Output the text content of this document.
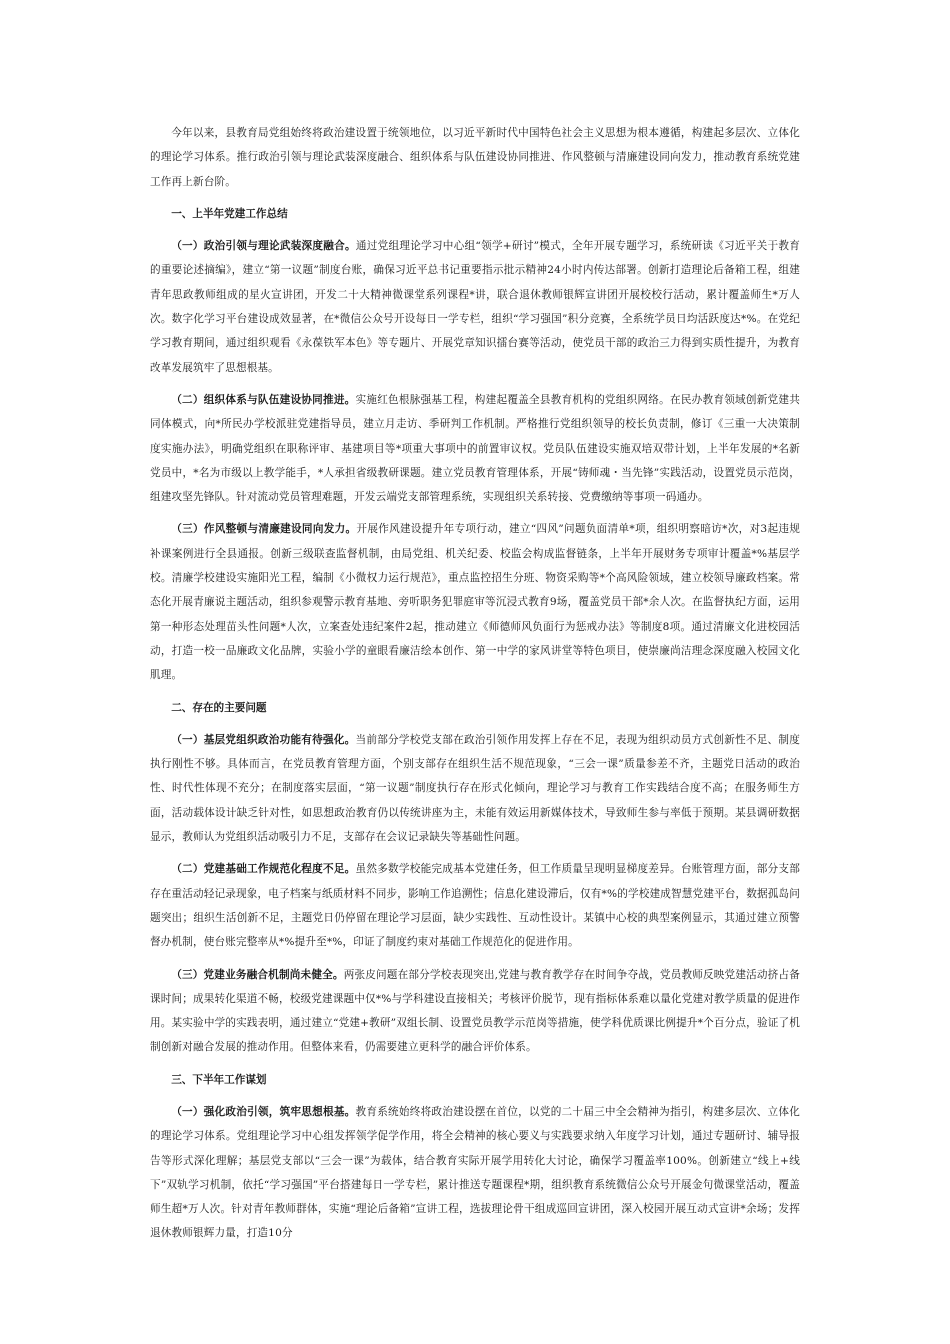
今年以来，县教育局党组始终将政治建设置于统领地位，以习近平新时代中国特色社会主义思想为根本遵循，构建起多层次、立体化的理论学习体系。推行政治引领与理论武装深度融合、组织体系与队伍建设协同推进、作风整顿与清廉建设同向发力，推动教育系统党建工作再上新台阶。

一、上半年党建工作总结

（一）政治引领与理论武装深度融合。通过党组理论学习中心组“领学+研讨”模式，全年开展专题学习，系统研读《习近平关于教育的重要论述摘编》，建立“第一议题”制度台账，确保习近平总书记重要指示批示精神24小时内传达部署。创新打造理论后备箱工程，组建青年思政教师组成的星火宣讲团，开发二十大精神微课堂系列课程*讲，联合退休教师银辉宣讲团开展校校行活动，累计覆盖师生*万人次。数字化学习平台建设成效显著，在*微信公众号开设每日一学专栏，组织“学习强国”积分竞赛，全系统学员日均活跃度达*%。在党纪学习教育期间，通过组织观看《永葆铁军本色》等专题片、开展党章知识擂台赛等活动，使党员干部的政治三力得到实质性提升，为教育改革发展筑牢了思想根基。

（二）组织体系与队伍建设协同推进。实施红色根脉强基工程，构建起覆盖全县教育机构的党组织网络。在民办教育领域创新党建共同体模式，向*所民办学校派驻党建指导员，建立月走访、季研判工作机制。严格推行党组织领导的校长负责制，修订《三重一大决策制度实施办法》，明确党组织在职称评审、基建项目等*项重大事项中的前置审议权。党员队伍建设实施双培双带计划，上半年发展的*名新党员中，*名为市级以上教学能手，*人承担省级教研课题。建立党员教育管理体系，开展“铸师魂・当先锋”实践活动，设置党员示范岗，组建攻坚先锋队。针对流动党员管理难题，开发云端党支部管理系统，实现组织关系转接、党费缴纳等事项一码通办。

（三）作风整顿与清廉建设同向发力。开展作风建设提升年专项行动，建立“四风”问题负面清单*项，组织明察暗访*次，对3起违规补课案例进行全县通报。创新三级联查监督机制，由局党组、机关纪委、校监会构成监督链条，上半年开展财务专项审计覆盖*%基层学校。清廉学校建设实施阳光工程，编制《小微权力运行规范》，重点监控招生分班、物资采购等*个高风险领域，建立校领导廉政档案。常态化开展青廉说主题活动，组织参观警示教育基地、旁听职务犯罪庭审等沉浸式教育9场，覆盖党员干部*余人次。在监督执纪方面，运用第一种形态处理苗头性问题*人次，立案查处违纪案件2起，推动建立《师德师风负面行为惩戒办法》等制度8项。通过清廉文化进校园活动，打造一校一品廉政文化品牌，实验小学的童眼看廉洁绘本创作、第一中学的家风讲堂等特色项目，使崇廉尚洁理念深度融入校园文化肌理。

二、存在的主要问题

（一）基层党组织政治功能有待强化。当前部分学校党支部在政治引领作用发挥上存在不足，表现为组织动员方式创新性不足、制度执行刚性不够。具体而言，在党员教育管理方面，个别支部存在组织生活不规范现象，“三会一课”质量参差不齐，主题党日活动的政治性、时代性体现不充分；在制度落实层面，“第一议题”制度执行存在形式化倾向，理论学习与教育工作实践结合度不高；在服务师生方面，活动载体设计缺乏针对性，如思想政治教育仍以传统讲座为主，未能有效运用新媒体技术，导致师生参与率低于预期。某县调研数据显示，教师认为党组织活动吸引力不足，支部存在会议记录缺失等基础性问题。

（二）党建基础工作规范化程度不足。虽然多数学校能完成基本党建任务，但工作质量呈现明显梯度差异。台账管理方面，部分支部存在重活动轻记录现象，电子档案与纸质材料不同步，影响工作追溯性；信息化建设滞后，仅有*%的学校建成智慧党建平台，数据孤岛问题突出；组织生活创新不足，主题党日仍停留在理论学习层面，缺少实践性、互动性设计。某镇中心校的典型案例显示，其通过建立预警督办机制，使台账完整率从*%提升至*%，印证了制度约束对基础工作规范化的促进作用。

（三）党建业务融合机制尚未健全。两张皮问题在部分学校表现突出,党建与教育教学存在时间争夺战，党员教师反映党建活动挤占备课时间；成果转化渠道不畅，校级党建课题中仅*%与学科建设直接相关；考核评价脱节，现有指标体系难以量化党建对教学质量的促进作用。某实验中学的实践表明，通过建立“党建+教研”双组长制、设置党员教学示范岗等措施，使学科优质课比例提升*个百分点，验证了机制创新对融合发展的推动作用。但整体来看，仍需要建立更科学的融合评价体系。

三、下半年工作谋划

（一）强化政治引领，筑牢思想根基。教育系统始终将政治建设摆在首位，以党的二十届三中全会精神为指引，构建多层次、立体化的理论学习体系。党组理论学习中心组发挥领学促学作用，将全会精神的核心要义与实践要求纳入年度学习计划，通过专题研讨、辅导报告等形式深化理解；基层党支部以“三会一课”为载体，结合教育实际开展学用转化大讨论，确保学习覆盖率100%。创新建立“线上+线下”双轨学习机制，依托“学习强国”平台搭建每日一学专栏，累计推送专题课程*期，组织教育系统微信公众号开展金句微课堂活动，覆盖师生超*万人次。针对青年教师群体，实施“理论后备箱”宣讲工程，选拔理论骨干组成巡回宣讲团，深入校园开展互动式宣讲*余场；发挥退休教师银辉力量，打造10分
